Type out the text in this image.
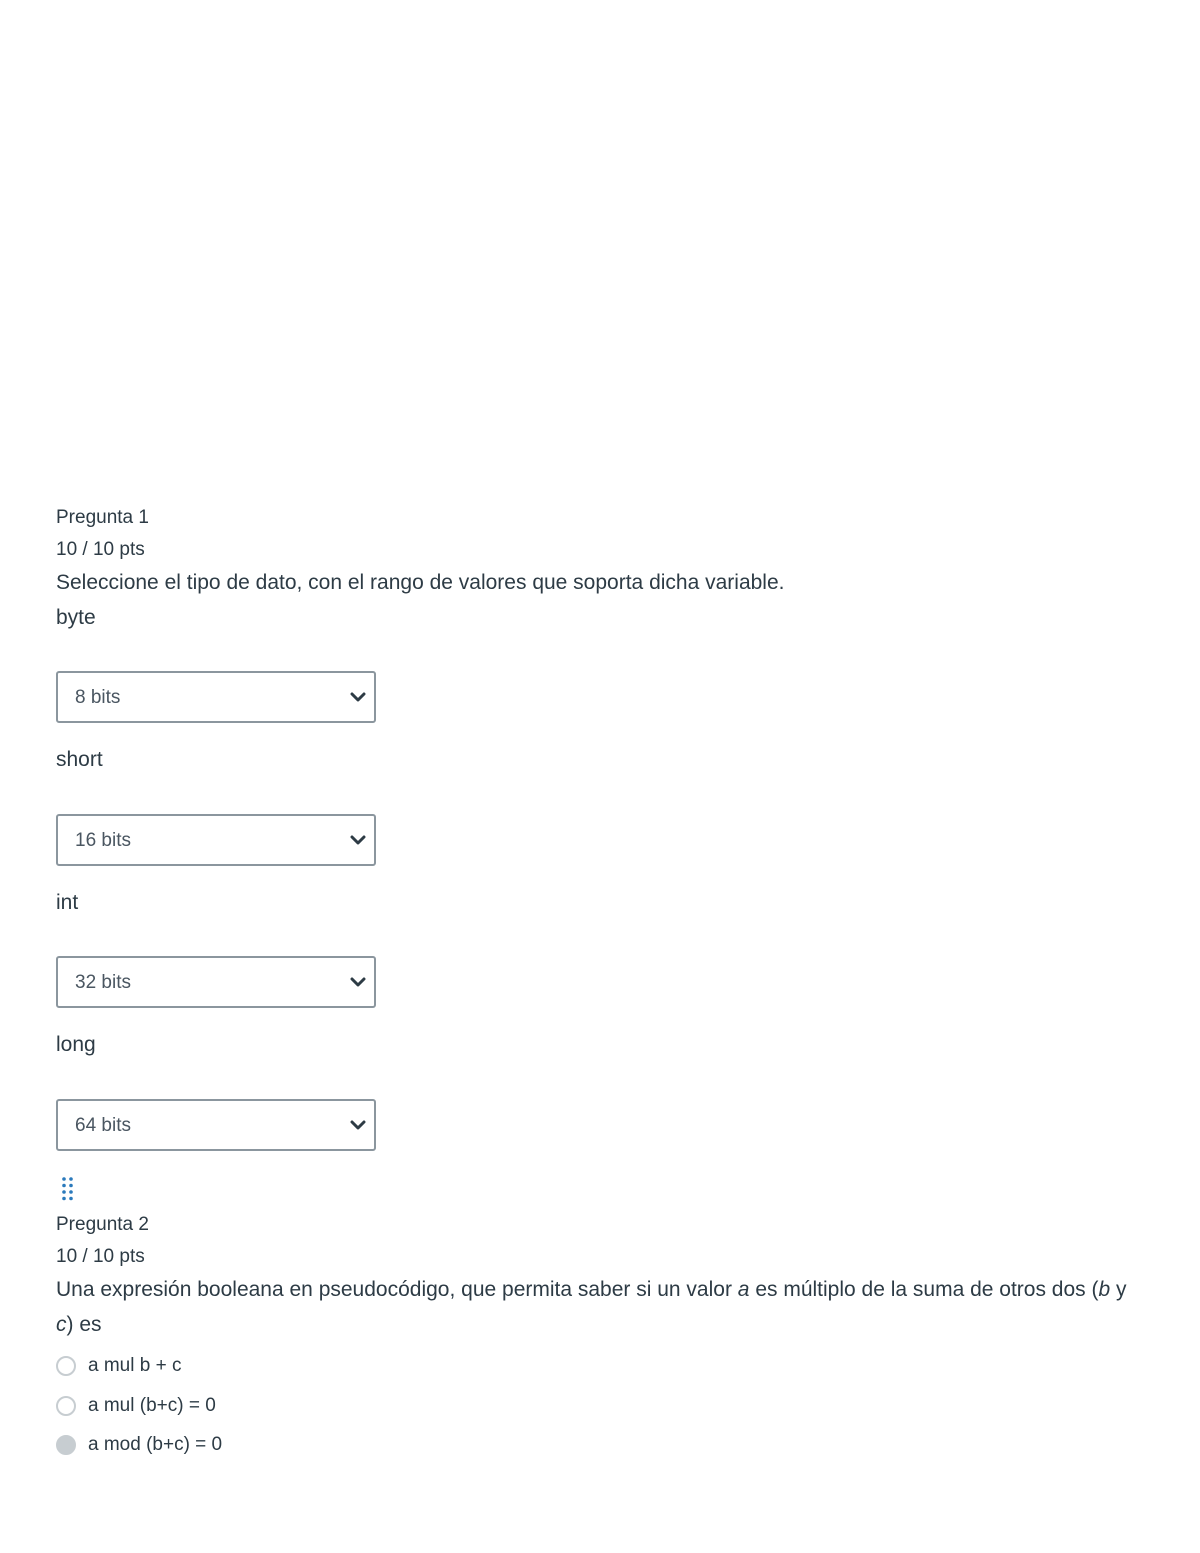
Pregunta 1
10 / 10 pts
Seleccione el tipo de dato, con el rango de valores que soporta dicha variable.
byte
8 bits
short
16 bits
int
32 bits
long
64 bits
Pregunta 2
10 / 10 pts
Una expresión booleana en pseudocódigo, que permita saber si un valor a es múltiplo de la suma de otros dos (b y c) es
a mul b + c
a mul (b+c) = 0
a mod (b+c) = 0
